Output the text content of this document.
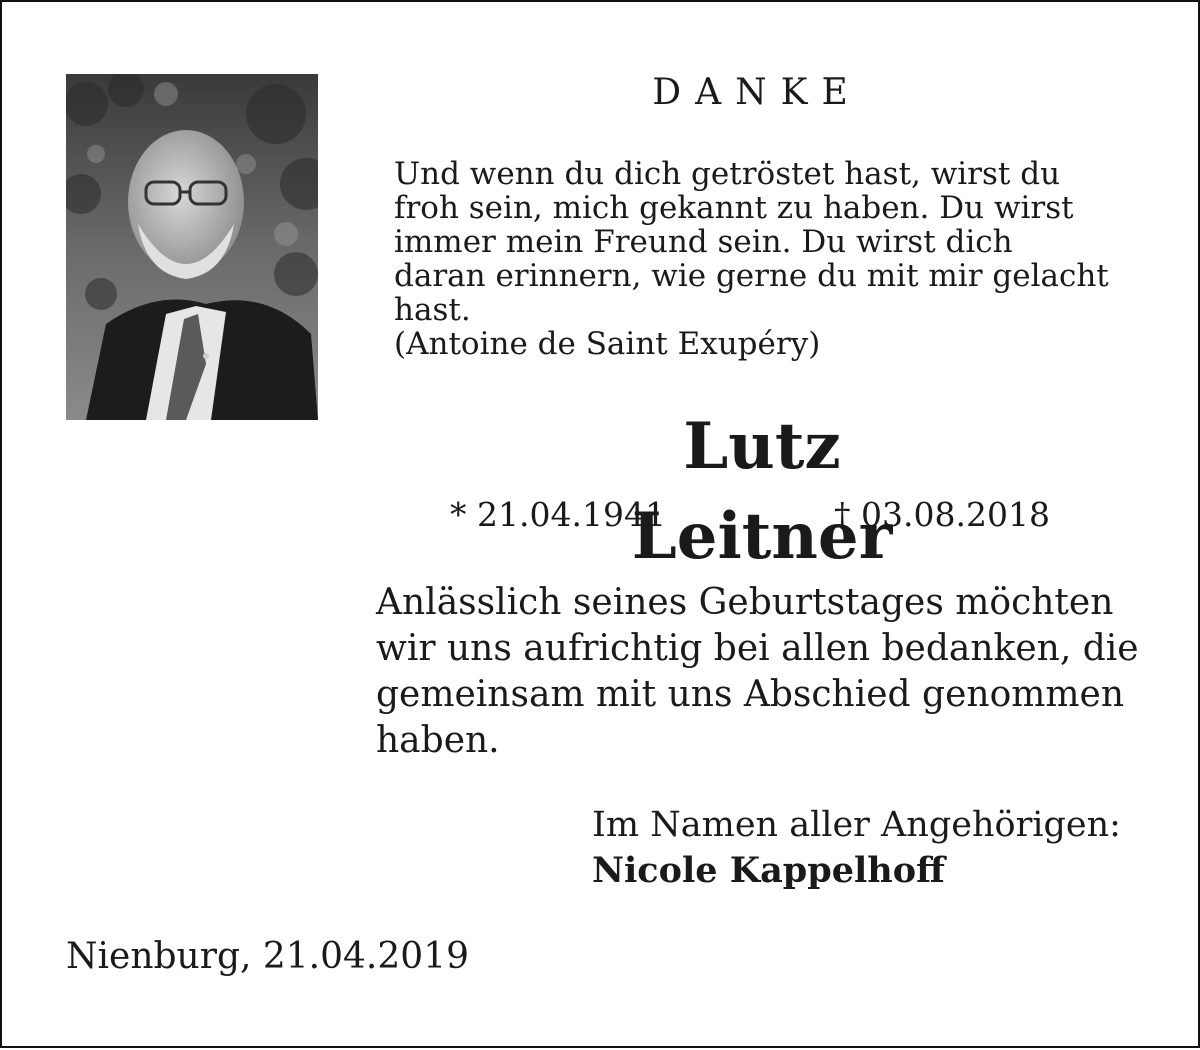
DANKE

Und wenn du dich getröstet hast, wirst du

froh sein, mich gekannt zu haben. Du wirst

immer mein Freund sein. Du wirst dich

daran erinnern, wie gerne du mit mir gelacht

hast.

(Antoine de Saint Exupéry)

Lutz Leitner

* 21.04.1941	† 03.08.2018

Anlässlich seines Geburtstages möchten

wir uns aufrichtig bei allen bedanken, die

gemeinsam mit uns Abschied genommen

haben.

Im Namen aller Angehörigen:

Nicole Kappelhoff

Nienburg, 21.04.2019
